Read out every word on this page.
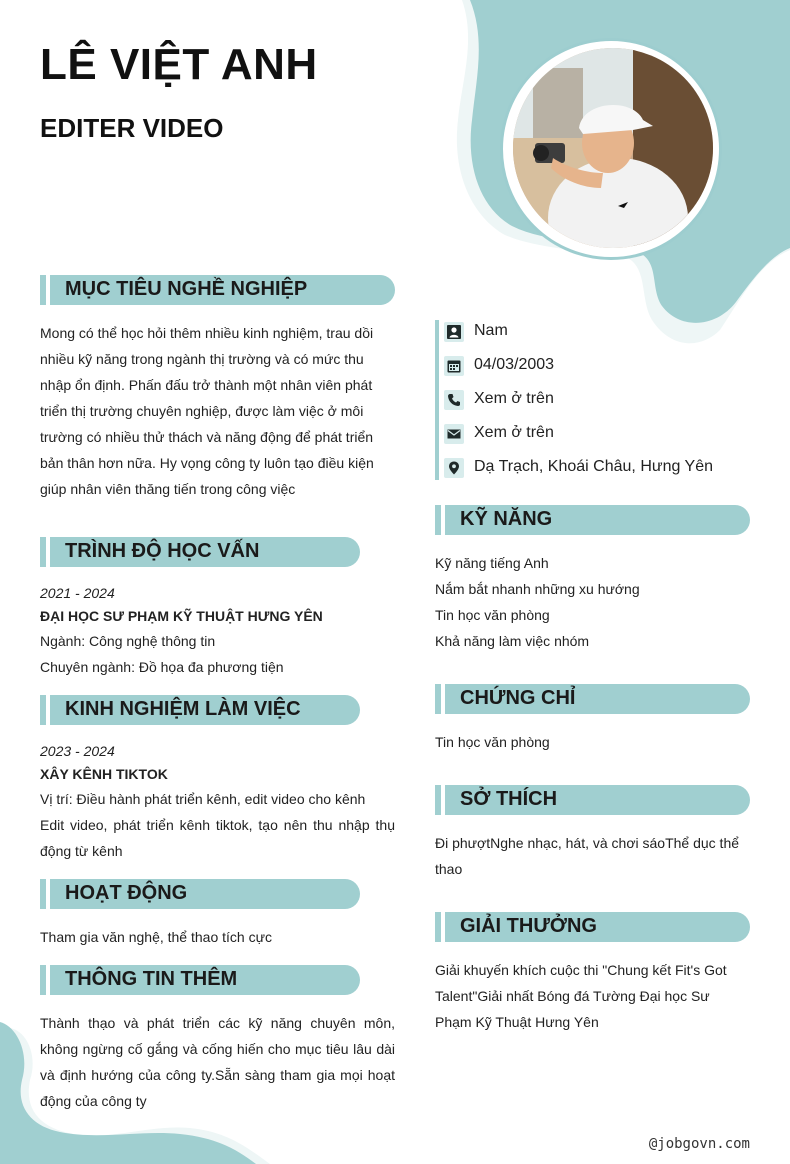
LÊ VIỆT ANH
EDITER VIDEO
MỤC TIÊU NGHỀ NGHIỆP
Mong có thể học hỏi thêm nhiều kinh nghiệm, trau dồi nhiều kỹ năng trong ngành thị trường và có mức thu nhập ổn định. Phấn đấu trở thành một nhân viên phát triển thị trường chuyên nghiệp, được làm việc ở môi trường có nhiều thử thách và năng động để phát triển bản thân hơn nữa. Hy vọng công ty luôn tạo điều kiện giúp nhân viên thăng tiến trong công việc
TRÌNH ĐỘ HỌC VẤN
2021 - 2024
ĐẠI HỌC SƯ PHẠM KỸ THUẬT HƯNG YÊN
Ngành: Công nghệ thông tin
Chuyên ngành: Đồ họa đa phương tiện
KINH NGHIỆM LÀM VIỆC
2023 - 2024
XÂY KÊNH TIKTOK
Vị trí: Điều hành phát triển kênh, edit video cho kênh
Edit video, phát triển kênh tiktok, tạo nên thu nhập thụ động từ kênh
HOẠT ĐỘNG
Tham gia văn nghệ, thể thao tích cực
THÔNG TIN THÊM
Thành thạo và phát triển các kỹ năng chuyên môn, không ngừng cố gắng và cống hiến cho mục tiêu lâu dài và định hướng của công ty.Sẵn sàng tham gia mọi hoạt động của công ty
Nam
04/03/2003
Xem ở trên
Xem ở trên
Dạ Trạch, Khoái Châu, Hưng Yên
KỸ NĂNG
Kỹ năng tiếng Anh
Nắm bắt nhanh những xu hướng
Tin học văn phòng
Khả năng làm việc nhóm
CHỨNG CHỈ
Tin học văn phòng
SỞ THÍCH
Đi phượtNghe nhạc, hát, và chơi sáoThể dục thể thao
GIẢI THƯỞNG
Giải khuyến khích cuộc thi "Chung kết Fit's Got Talent"Giải nhất Bóng đá Tường Đại học Sư Phạm Kỹ Thuật Hưng Yên
@jobgovn.com
